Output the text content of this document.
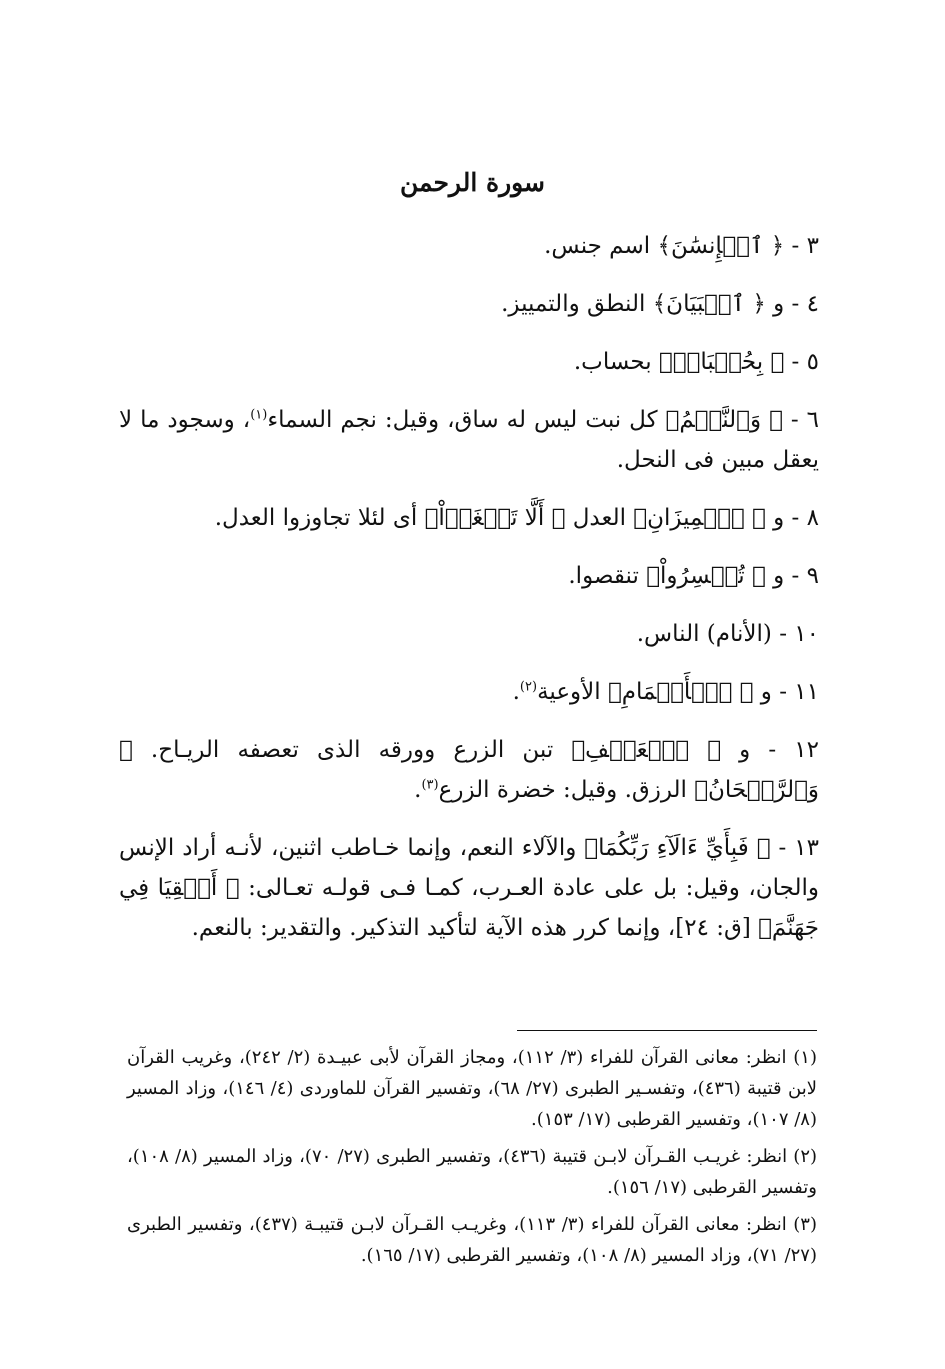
سورة الرحمن

٣ - ﴿ ٱلۡإِنسَٰنَ﴾ اسم جنس.

٤ - و ﴿ ٱلۡبَيَانَ﴾ النطق والتمييز.

٥ - ﴿ بِحُسۡبَانٖ﴾ بحساب.

٦ - ﴿ وَٱلنَّجۡمُ﴾ كل نبت ليس له ساق، وقيل: نجم السماء$^{(١)}$، وسجود ما لا يعقل مبين فى النحل.

٨ - و ﴿ ٱلۡمِيزَانِ﴾ العدل ﴿ أَلَّا تَطۡغَوۡاْ﴾ أى لئلا تجاوزوا العدل.

٩ - و ﴿ تُخۡسِرُواْ﴾ تنقصوا.

١٠ - (الأنام) الناس.

١١ - و ﴿ ٱلۡأَكۡمَامِ﴾ الأوعية$^{(٢)}$.

١٢ - و ﴿ ٱلۡعَصۡفِ﴾ تبن الزرع وورقه الذى تعصفه الريـاح. ﴿ وَٱلرَّيۡحَانُ﴾ الرزق. وقيل: خضرة الزرع$^{(٣)}$.

١٣ - ﴿ فَبِأَيِّ ءَالَآءِ رَبِّكُمَا﴾ والآلاء النعم، وإنما خـاطب اثنين، لأنـه أراد الإنس والجان، وقيل: بل على عادة العـرب، كمـا فـى قولـه تعـالى: ﴿ أَلۡقِيَا فِي جَهَنَّمَ﴾ [ق: ٢٤]، وإنما كرر هذه الآية لتأكيد التذكير. والتقدير: بالنعم.

(١) انظر: معانى القرآن للفراء (٣/ ١١٢)، ومجاز القرآن لأبى عبيـدة (٢/ ٢٤٢)، وغريب القرآن لابن قتيبة (٤٣٦)، وتفسـير الطبرى (٢٧/ ٦٨)، وتفسير القرآن للماوردى (٤/ ١٤٦)، وزاد المسير (٨/ ١٠٧)، وتفسير القرطبى (١٧/ ١٥٣).

(٢) انظر: غريـب القـرآن لابـن قتيبة (٤٣٦)، وتفسير الطبرى (٢٧/ ٧٠)، وزاد المسير (٨/ ١٠٨)، وتفسير القرطبى (١٧/ ١٥٦).

(٣) انظر: معانى القرآن للفراء (٣/ ١١٣)، وغريـب القـرآن لابـن قتيبـة (٤٣٧)، وتفسير الطبرى (٢٧/ ٧١)، وزاد المسير (٨/ ١٠٨)، وتفسير القرطبى (١٧/ ١٦٥).
